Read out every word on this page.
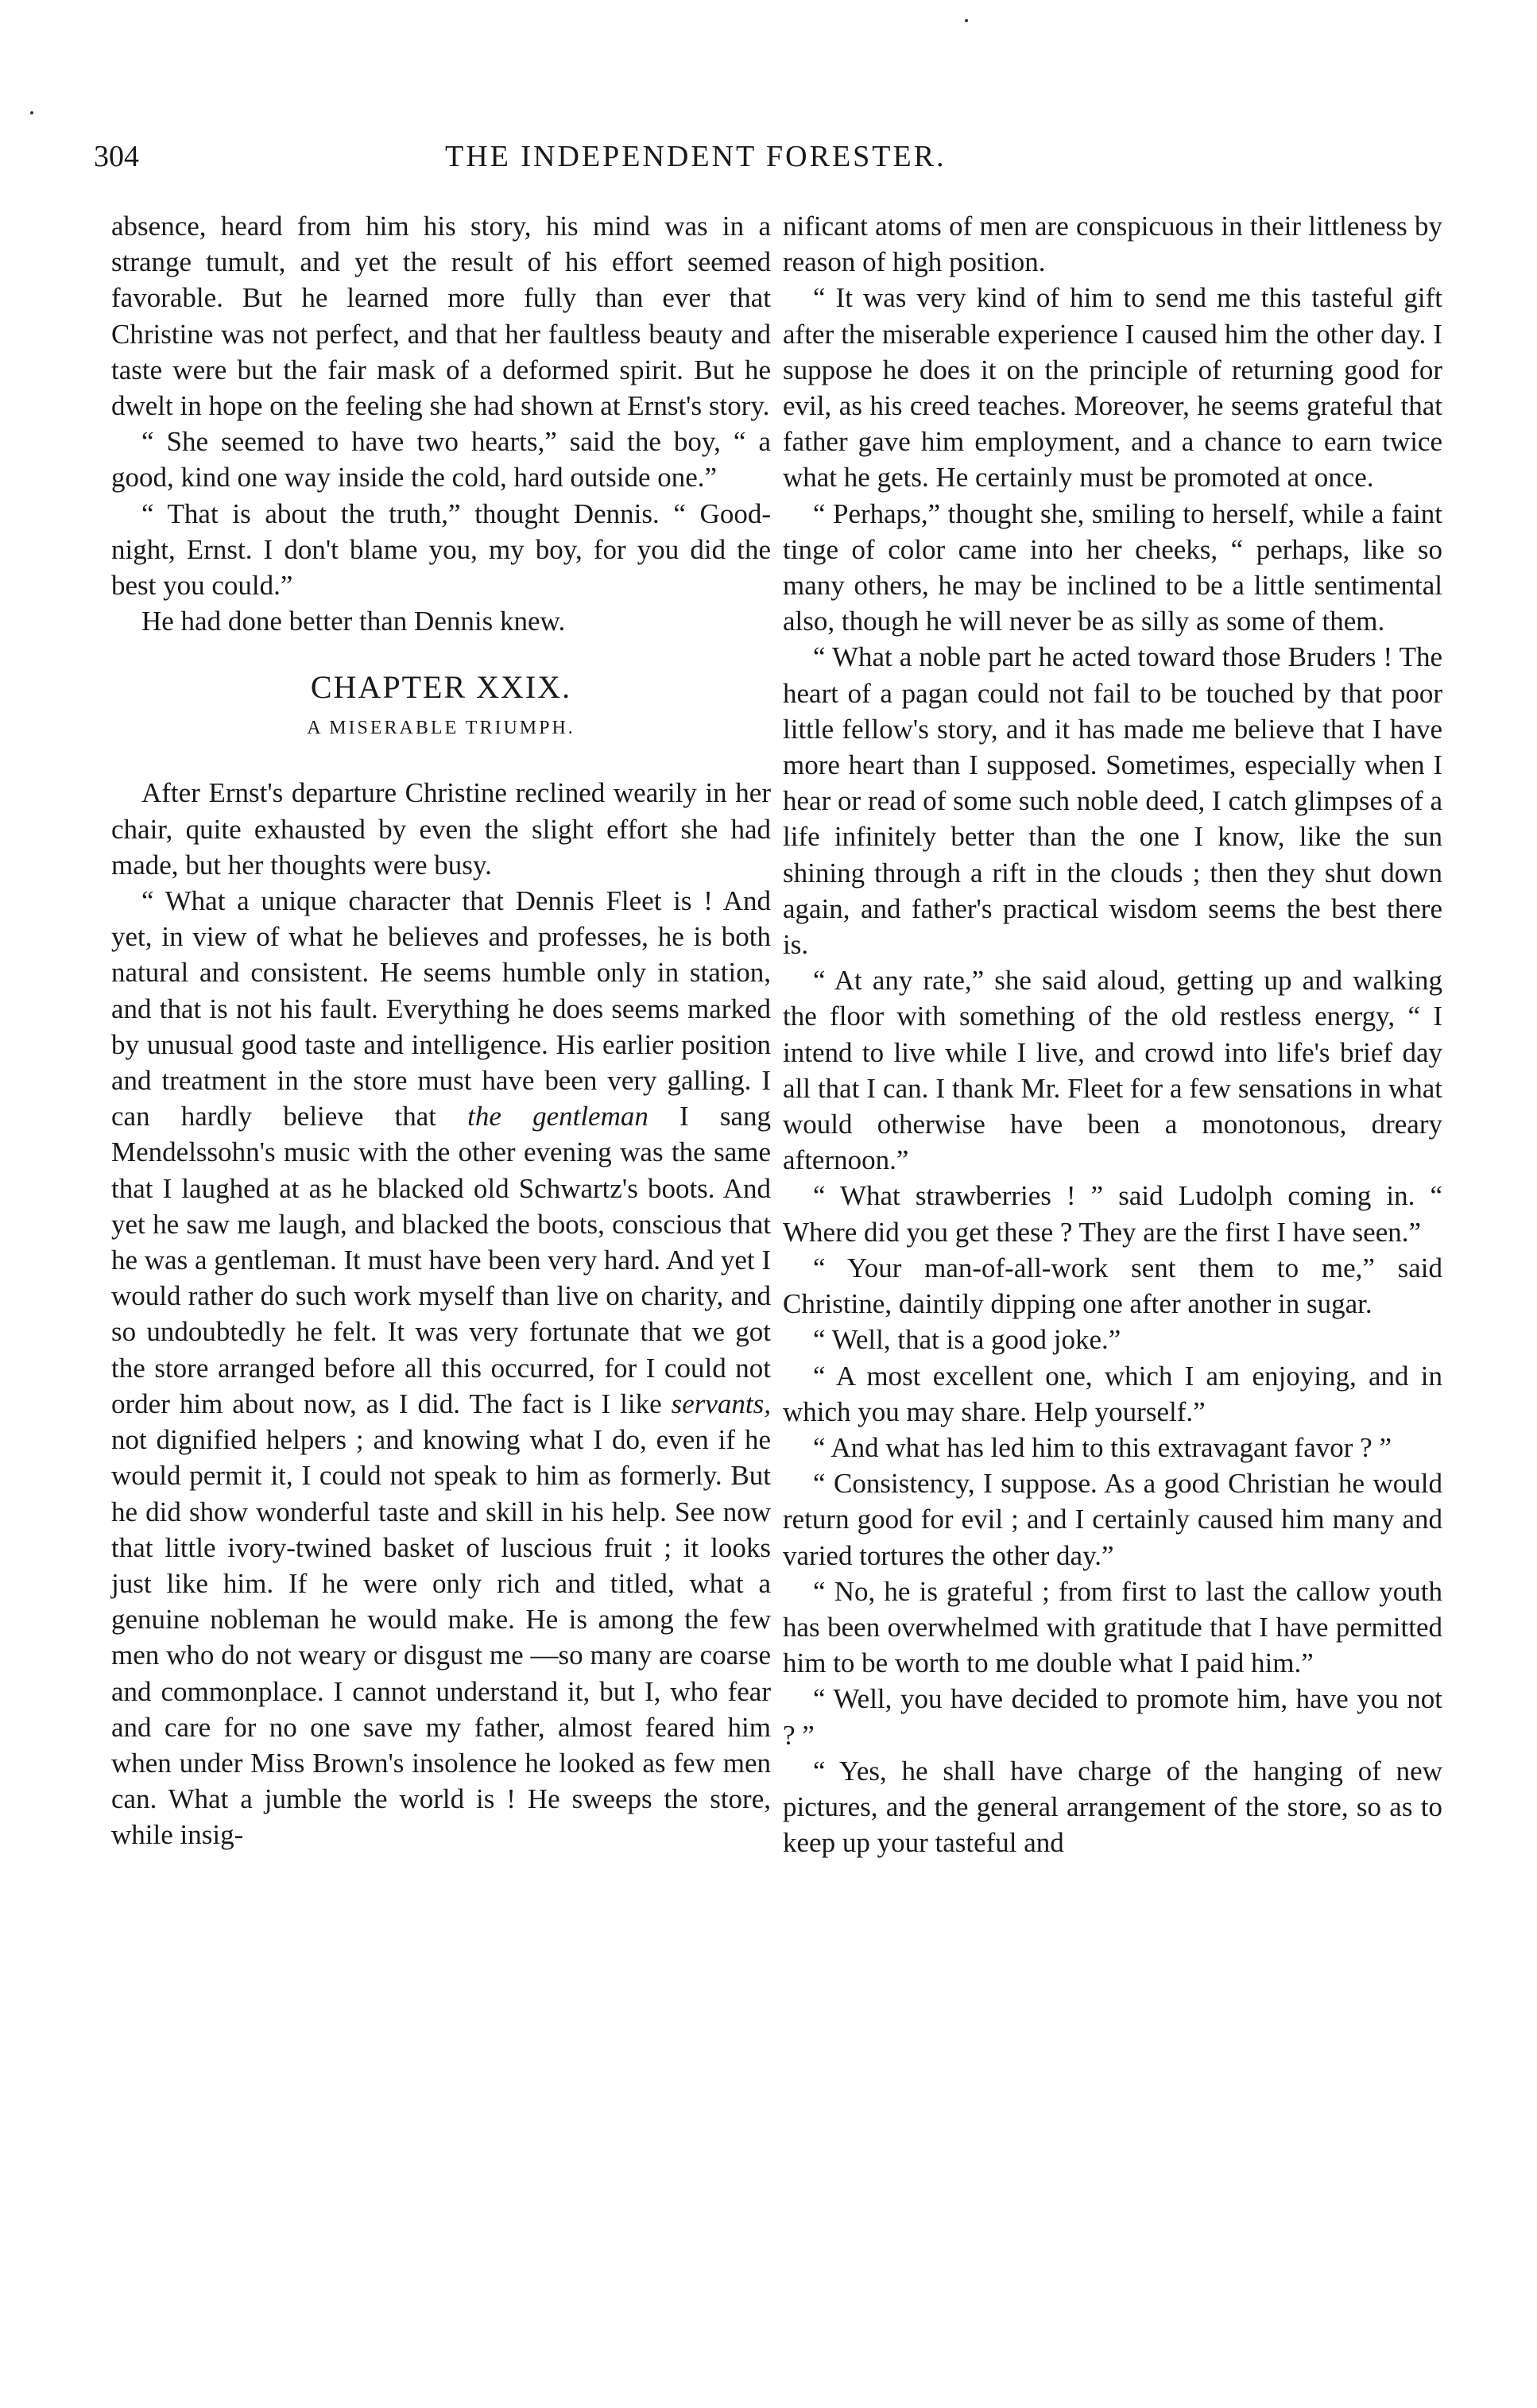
304	THE INDEPENDENT FORESTER.

absence, heard from him his story, his mind was in a strange tumult, and yet the result of his effort seemed favorable. But he learned more fully than ever that Christine was not perfect, and that her faultless beauty and taste were but the fair mask of a deformed spirit. But he dwelt in hope on the feeling she had shown at Ernst's story.

“ She seemed to have two hearts,” said the boy, “ a good, kind one way inside the cold, hard outside one.”

“ That is about the truth,” thought Dennis. “ Good-night, Ernst. I don't blame you, my boy, for you did the best you could.”

He had done better than Dennis knew.

CHAPTER XXIX.
A MISERABLE TRIUMPH.

After Ernst's departure Christine reclined wearily in her chair, quite exhausted by even the slight effort she had made, but her thoughts were busy.

“ What a unique character that Dennis Fleet is ! And yet, in view of what he believes and professes, he is both natural and consistent. He seems humble only in station, and that is not his fault. Everything he does seems marked by unusual good taste and intelligence. His earlier position and treatment in the store must have been very galling. I can hardly believe that the gentleman I sang Mendelssohn's music with the other evening was the same that I laughed at as he blacked old Schwartz's boots. And yet he saw me laugh, and blacked the boots, conscious that he was a gentleman. It must have been very hard. And yet I would rather do such work myself than live on charity, and so undoubtedly he felt. It was very fortunate that we got the store arranged before all this occurred, for I could not order him about now, as I did. The fact is I like servants, not dignified helpers ; and knowing what I do, even if he would permit it, I could not speak to him as formerly. But he did show wonderful taste and skill in his help. See now that little ivory-twined basket of luscious fruit ; it looks just like him. If he were only rich and titled, what a genuine nobleman he would make. He is among the few men who do not weary or disgust me —so many are coarse and commonplace. I cannot understand it, but I, who fear and care for no one save my father, almost feared him when under Miss Brown's insolence he looked as few men can. What a jumble the world is ! He sweeps the store, while insig-

nificant atoms of men are conspicuous in their littleness by reason of high position.

“ It was very kind of him to send me this tasteful gift after the miserable experience I caused him the other day. I suppose he does it on the principle of returning good for evil, as his creed teaches. Moreover, he seems grateful that father gave him employment, and a chance to earn twice what he gets. He certainly must be promoted at once.

“ Perhaps,” thought she, smiling to herself, while a faint tinge of color came into her cheeks, “ perhaps, like so many others, he may be inclined to be a little sentimental also, though he will never be as silly as some of them.

“ What a noble part he acted toward those Bruders ! The heart of a pagan could not fail to be touched by that poor little fellow's story, and it has made me believe that I have more heart than I supposed. Sometimes, especially when I hear or read of some such noble deed, I catch glimpses of a life infinitely better than the one I know, like the sun shining through a rift in the clouds ; then they shut down again, and father's practical wisdom seems the best there is.

“ At any rate,” she said aloud, getting up and walking the floor with something of the old restless energy, “ I intend to live while I live, and crowd into life's brief day all that I can. I thank Mr. Fleet for a few sensations in what would otherwise have been a monotonous, dreary afternoon.”

“ What strawberries ! ” said Ludolph coming in. “ Where did you get these ? They are the first I have seen.”

“ Your man-of-all-work sent them to me,” said Christine, daintily dipping one after another in sugar.

“ Well, that is a good joke.”

“ A most excellent one, which I am enjoying, and in which you may share. Help yourself.”

“ And what has led him to this extravagant favor ? ”

“ Consistency, I suppose. As a good Christian he would return good for evil ; and I certainly caused him many and varied tortures the other day.”

“ No, he is grateful ; from first to last the callow youth has been overwhelmed with gratitude that I have permitted him to be worth to me double what I paid him.”

“ Well, you have decided to promote him, have you not ? ”

“ Yes, he shall have charge of the hanging of new pictures, and the general arrangement of the store, so as to keep up your tasteful and
